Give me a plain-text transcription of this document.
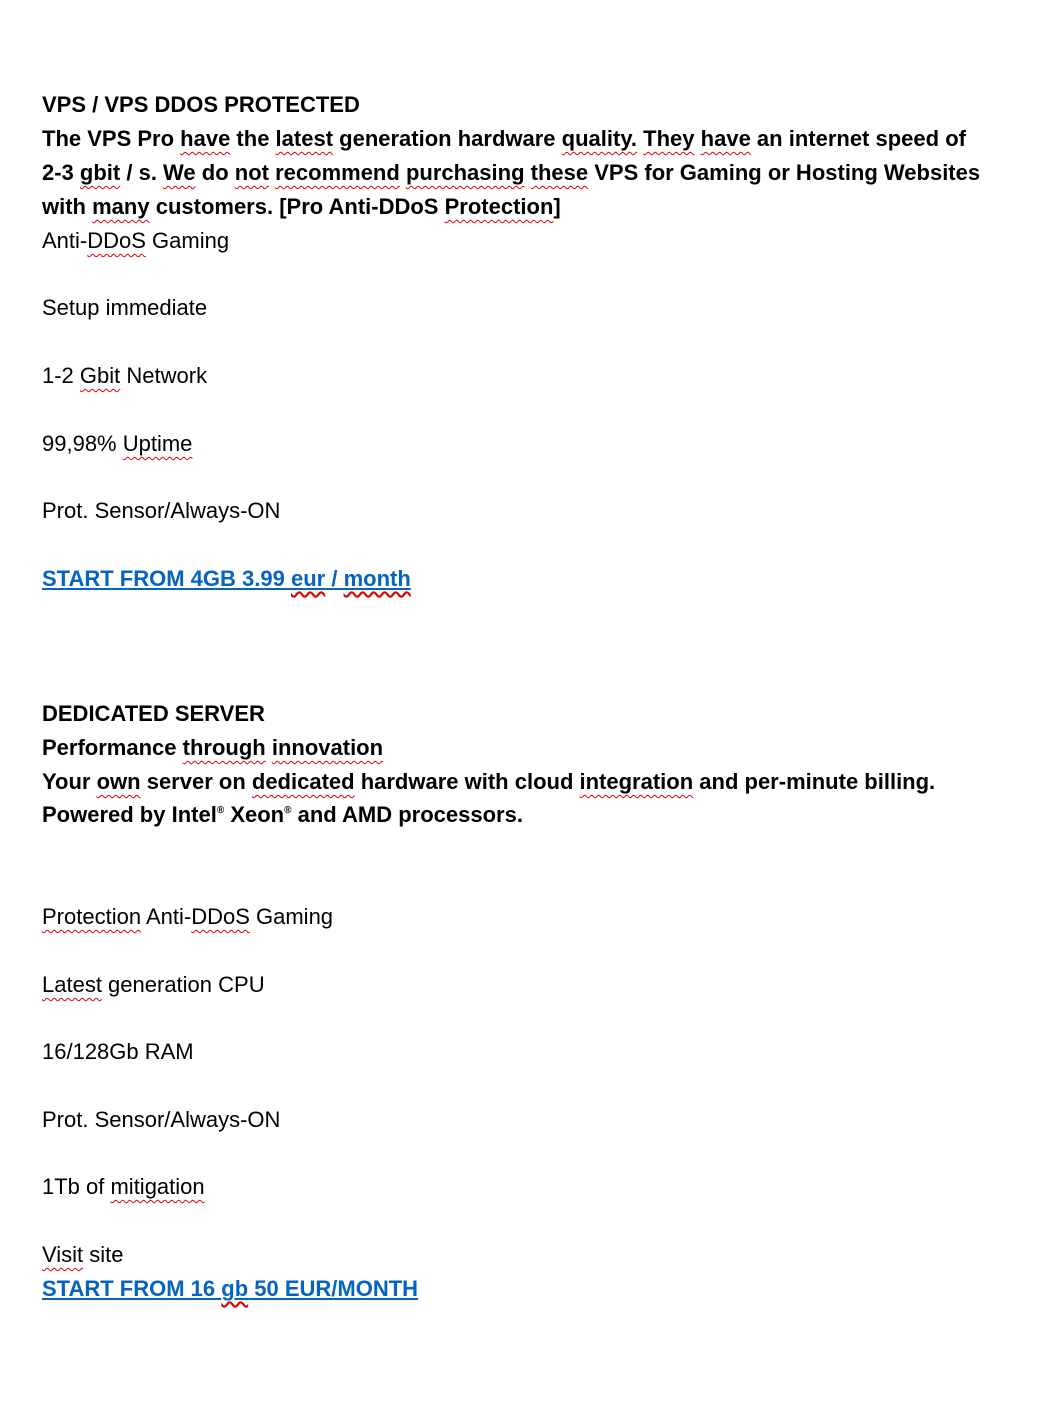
VPS / VPS DDOS PROTECTED
The VPS Pro have the latest generation hardware quality. They have an internet speed of
2-3 gbit / s. We do not recommend purchasing these VPS for Gaming or Hosting Websites
with many customers. [Pro Anti-DDoS Protection]
Anti-DDoS Gaming
Setup immediate
1-2 Gbit Network
99,98% Uptime
Prot. Sensor/Always-ON
START FROM 4GB 3.99 eur / month
DEDICATED SERVER
Performance through innovation
Your own server on dedicated hardware with cloud integration and per-minute billing.
Powered by Intel® Xeon® and AMD processors.
Protection Anti-DDoS Gaming
Latest generation CPU
16/128Gb RAM
Prot. Sensor/Always-ON
1Tb of mitigation
Visit site
START FROM 16 gb 50 EUR/MONTH
